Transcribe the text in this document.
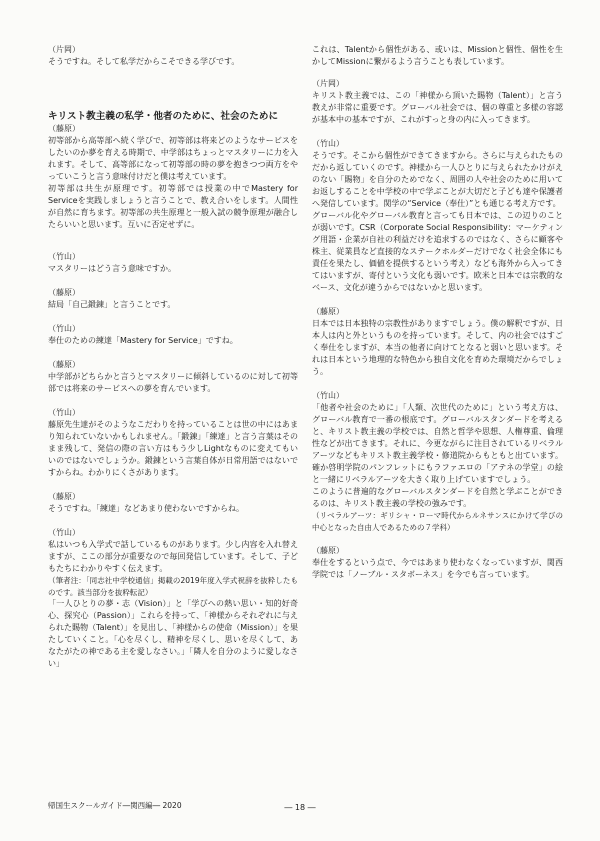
（片岡）

そうですね。そして私学だからこそできる学びです。

キリスト教主義の私学・他者のために、社会のために

（藤原）

初等部から高等部へ続く学びで、初等部は将来どのようなサービスをしたいのか夢を育える時期で、中学部はちょっとマスタリーに力を入れます。そして、高等部になって初等部の時の夢を抱きつつ両方をやっていこうと言う意味付けだと僕は考えています。
初等部は共生が原理です。初等部では授業の中でMastery for Serviceを実践しましょうと言うことで、教え合いをします。人間性が自然に育ちます。初等部の共生原理と一般入試の競争原理が融合したらいいと思います。互いに否定せずに。

（竹山）

マスタリーはどう言う意味ですか。

（藤原）

結局「自己鍛錬」と言うことです。

（竹山）

奉仕のための練達「Mastery for Service」ですね。

（藤原）

中学部がどちらかと言うとマスタリーに傾斜しているのに対して初等部では将来のサービスへの夢を育んでいます。

（竹山）

藤原先生達がそのようなこだわりを持っていることは世の中にはあまり知られていないかもしれません。「鍛錬」「練達」と言う言葉はそのまま残して、発信の際の言い方はもう少しLightなものに変えてもいいのではないでしょうか。鍛錬という言葉自体が日常用語ではないですからね。わかりにくさがあります。

（藤原）

そうですね。「練達」などあまり使わないですからね。

（竹山）

私はいつも入学式で話しているものがあります。少し内容を入れ替えますが、ここの部分が重要なので毎回発信しています。そして、子どもたちにわかりやすく伝えます。

（筆者注：「同志社中学校通信」掲載の2019年度入学式祝辞を抜粋したものです。該当部分を抜粋転記）

「一人ひとりの夢・志（Vision）」と「学びへの熱い思い・知的好奇心、探究心（Passion）」これらを持って、「神様からそれぞれに与えられた賜物（Talent）」を見出し、「神様からの使命（Mission）」を果たしていくこと。「心を尽くし、精神を尽くし、思いを尽くして、あなたがたの神である主を愛しなさい。」「隣人を自分のように愛しなさい」

これは、Talentから個性がある、或いは、Missionと個性、個性を生かしてMissionに繋がるよう言うことも表しています。

（片岡）

キリスト教主義では、この「神様から頂いた賜物（Talent）」と言う教えが非常に重要です。グローバル社会では、個の尊重と多様の容認が基本中の基本ですが、これがすっと身の内に入ってきます。

（竹山）

そうです。そこから個性ができてきますから。さらに与えられたものだから返していくのです。神様から一人ひとりに与えられたかけがえのない「賜物」を自分のためでなく、周囲の人や社会のために用いてお返しすることを中学校の中で学ぶことが大切だと子ども達や保護者へ発信しています。関学の“Service（奉仕）”とも通じる考え方です。
グローバル化やグローバル教育と言っても日本では、この辺りのことが弱いです。CSR（Corporate Social Responsibility：マーケティング用語・企業が自社の利益だけを追求するのではなく、さらに顧客や株主、従業員など直接的なステークホルダーだけでなく社会全体にも責任を果たし、価値を提供するという考え）なども海外から入ってきてはいますが、寄付という文化も弱いです。欧米と日本では宗教的なベース、文化が違うからではないかと思います。

（藤原）

日本では日本独特の宗教性がありますでしょう。僕の解釈ですが、日本人は内と外というものを持っています。そして、内の社会ではすごく奉仕をしますが、本当の他者に向けてとなると弱いと思います。それは日本という地理的な特色から独自文化を育めた環境だからでしょう。

（竹山）

「他者や社会のために」「人類、次世代のために」という考え方は、グローバル教育で一番の根底です。グローバルスタンダードを考えると、キリスト教主義の学校では、自然と哲学や思想、人権尊重、倫理性などが出てきます。それに、今更ながらに注目されているリベラルアーツなどもキリスト教主義学校・修道院からもともと出ています。確か啓明学院のパンフレットにもラファエロの「アテネの学堂」の絵と一緒にリベラルアーツを大きく取り上げていますでしょう。
このように普遍的なグローバルスタンダードを自然と学ぶことができるのは、キリスト教主義の学校の強みです。

（リベラルアーツ：ギリシャ・ローマ時代からルネサンスにかけて学びの中心となった自由人であるための７学科）

（藤原）

奉仕をするという点で、今ではあまり使わなくなっていますが、関西学院では「ノーブル・スタボーネス」を今でも言っています。

帰国生スクールガイド―関西編― 2020	― 18 ―
